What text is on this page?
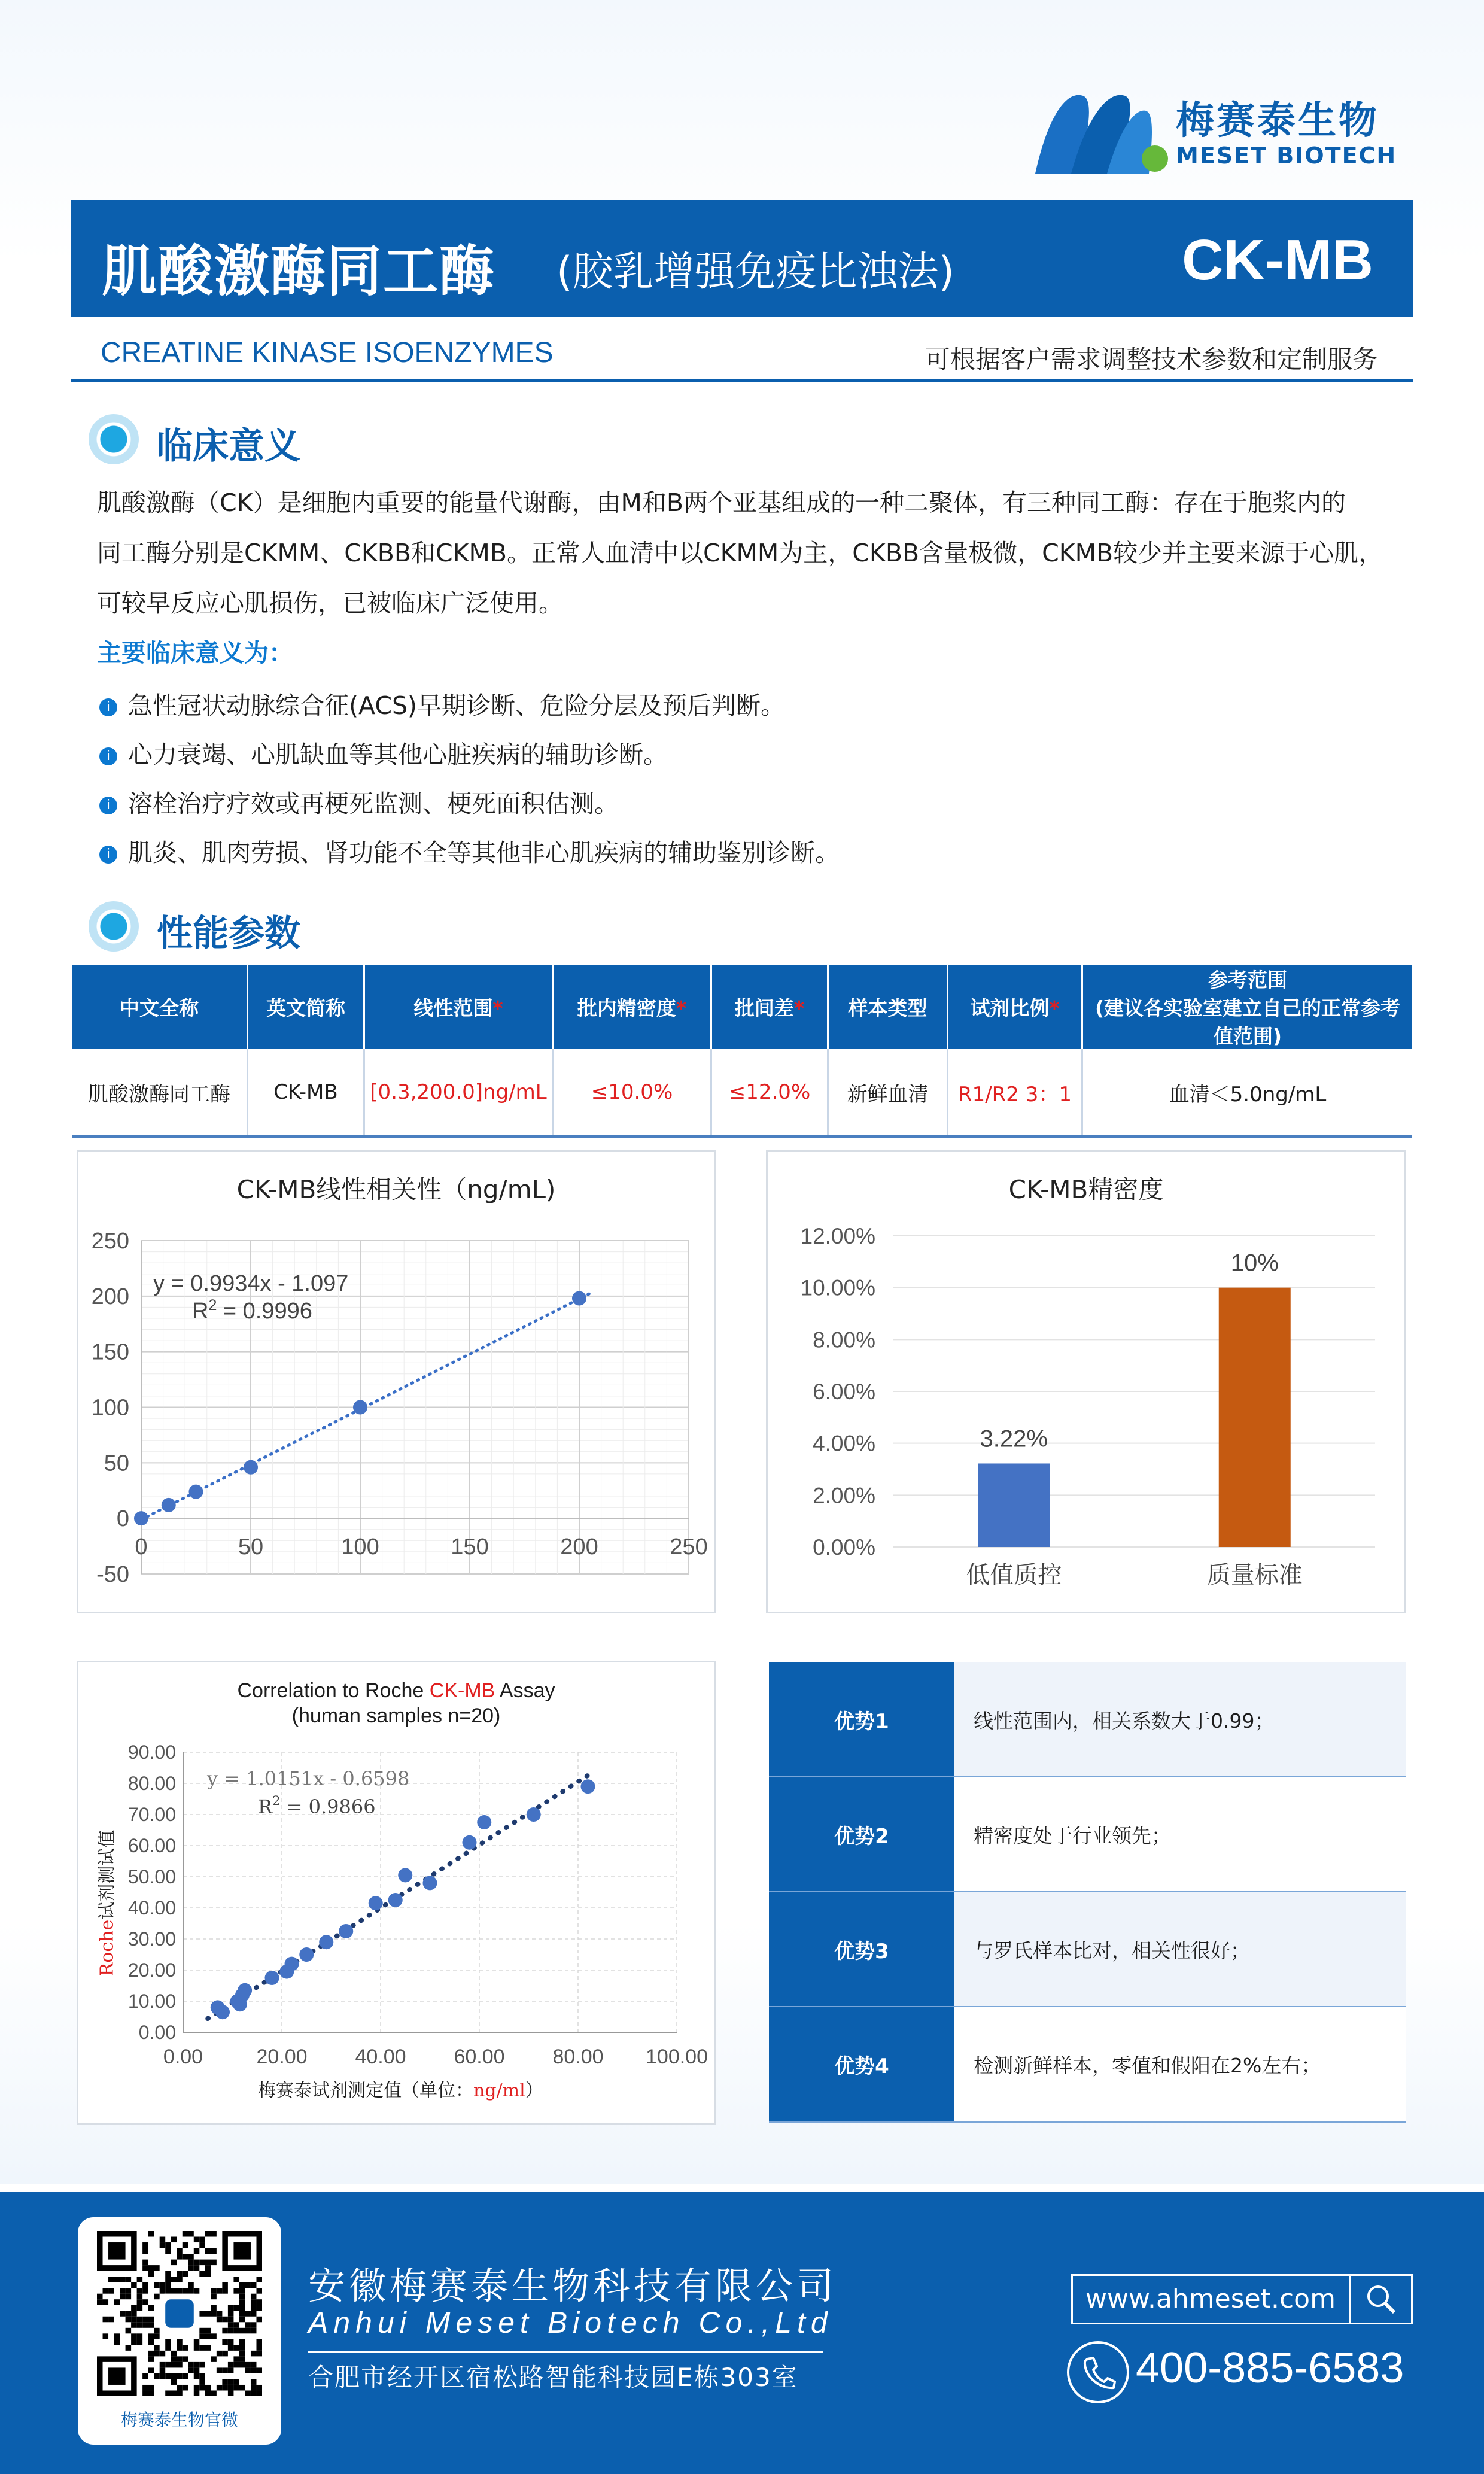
梅赛泰生物
MESET BIOTECH
肌酸激酶同工酶 (胶乳增强免疫比浊法)	CK-MB
CREATINE KINASE ISOENZYMES	可根据客户需求调整技术参数和定制服务
临床意义
肌酸激酶（CK）是细胞内重要的能量代谢酶，由M和B两个亚基组成的一种二聚体，有三种同工酶：存在于胞浆内的
同工酶分别是CKMM、CKBB和CKMB。正常人血清中以CKMM为主，CKBB含量极微，CKMB较少并主要来源于心肌，
可较早反应心肌损伤，已被临床广泛使用。
主要临床意义为：
i 急性冠状动脉综合征(ACS)早期诊断、危险分层及预后判断。
i 心力衰竭、心肌缺血等其他心脏疾病的辅助诊断。
i 溶栓治疗疗效或再梗死监测、梗死面积估测。
i 肌炎、肌肉劳损、肾功能不全等其他非心肌疾病的辅助鉴别诊断。
性能参数
中文全称	英文简称	线性范围*	批内精密度*	批间差*	样本类型	试剂比例*	参考范围
(建议各实验室建立自己的正常参考值范围)

肌酸激酶同工酶	CK-MB	[0.3,200.0]ng/mL	≤10.0%	≤12.0%	新鲜血清	R1/R2 3：1	血清＜5.0ng/mL
CK-MB线性相关性（ng/mL)
250
200
150
100
50
0
-50
0	50	100	150	200	250
y = 0.9934x - 1.097
$R^2 = 0.9996$
CK-MB精密度
12.00%
10.00%
8.00%
6.00%
4.00%
2.00%
0.00%
3.22%
低值质控
10%
质量标准
Correlation to Roche CK-MB Assay
(human samples n=20)
90.00
80.00
70.00
60.00
50.00
40.00
30.00
20.00
10.00
0.00
0.00	20.00 40.00 60.00 80.00 100.00
y = 1.0151x - 0.6598
$R^2 = 0.9866$
梅赛泰试剂测定值（单位：ng/ml）
Roche试剂测试值
优势1	线性范围内，相关系数大于0.99；
优势2	精密度处于行业领先；
优势3	与罗氏样本比对，相关性很好；
优势4	检测新鲜样本，零值和假阳在2%左右；
梅赛泰生物官微
安徽梅赛泰生物科技有限公司
Anhui Meset Biotech Co.,Ltd
合肥市经开区宿松路智能科技园E栋303室
www.ahmeset.com
400-885-6583
